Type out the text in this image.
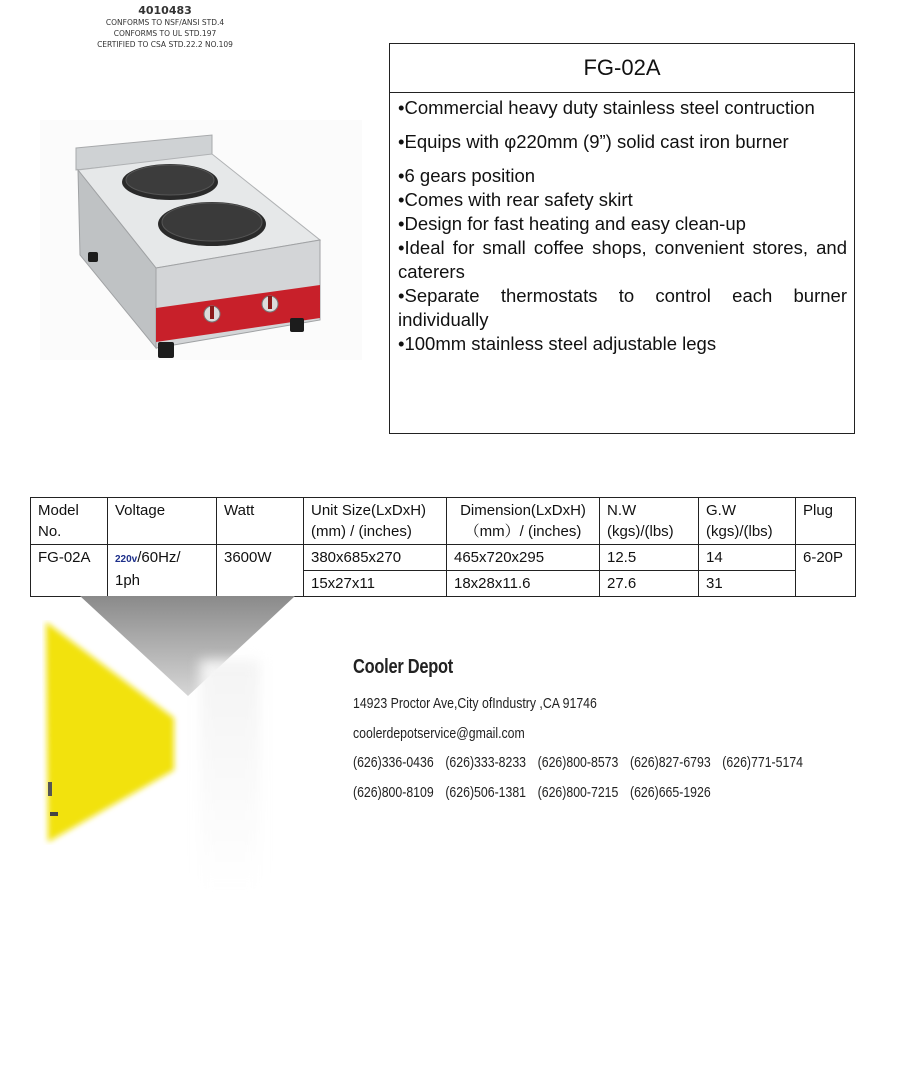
4010483
CONFORMS TO NSF/ANSI STD.4
CONFORMS TO UL STD.197
CERTIFIED TO CSA STD.22.2 NO.109
FG-02A
• Commercial heavy duty stainless steel contruction
• Equips with φ220mm (9”) solid cast iron burner
• 6 gears position
• Comes with rear safety skirt
• Design for fast heating and easy clean-up
• Ideal for small coffee shops, convenient stores, and caterers
• Separate thermostats to control each burner individually
• 100mm stainless steel adjustable legs
Model No.	Voltage	Watt	Unit Size(LxDxH) (mm) / (inches)	Dimension(LxDxH) （mm）/ (inches)	N.W (kgs)/(lbs)	G.W (kgs)/(lbs)	Plug
FG-02A	220v/60Hz/ 1ph	3600W	380x685x270	465x720x295	12.5	14	6-20P
			15x27x11	18x28x11.6	27.6	31	
Cooler Depot
14923 Proctor Ave,City ofIndustry ,CA 91746
coolerdepotservice@gmail.com
(626)336-0436 (626)333-8233 (626)800-8573 (626)827-6793 (626)771-5174
(626)800-8109 (626)506-1381 (626)800-7215 (626)665-1926
